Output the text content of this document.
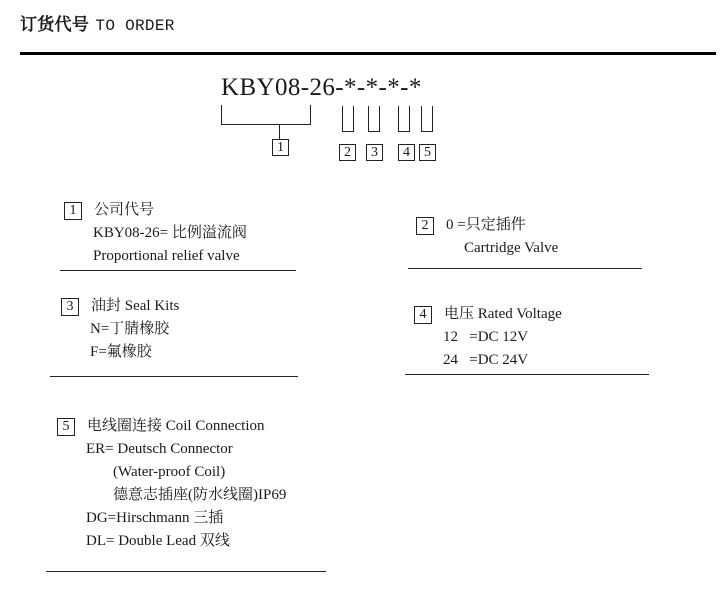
订货代号 TO ORDER
KBY08-26-*-*-*-*
1	2	3	4	5
1	公司代号
KBY08-26= 比例溢流阀
Proportional relief valve
3	油封 Seal Kits
N=丁腈橡胶
F=氟橡胶
5	电线圈连接 Coil Connection
ER= Deutsch Connector
(Water-proof Coil)
德意志插座(防水线圈)IP69
DG=Hirschmann 三插
DL= Double Lead 双线
2	0 =只定插件
Cartridge Valve
4	电压 Rated Voltage
12   =DC 12V
24   =DC 24V
